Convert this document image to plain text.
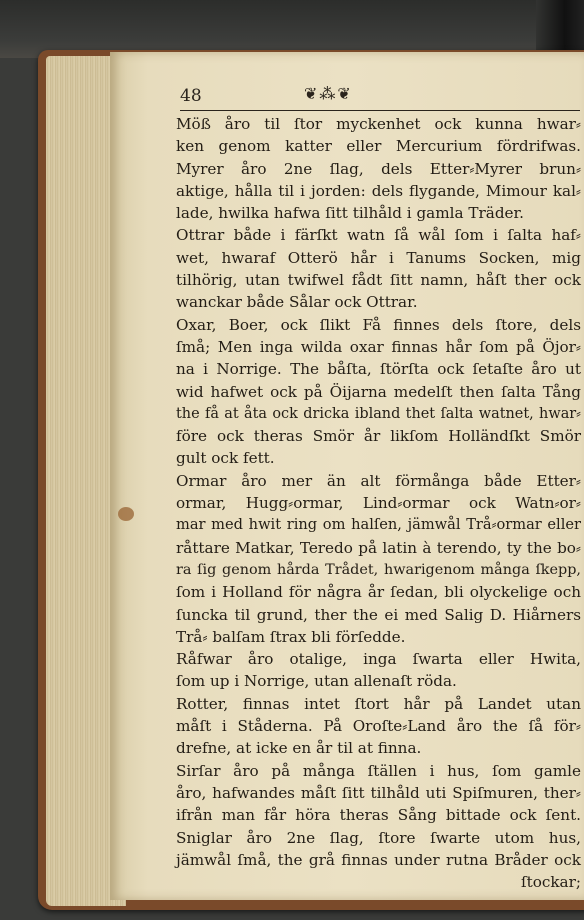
48	❦⁂❦
Möß åro til ſtor myckenhet ock kunna hwar⸗
ken genom katter eller Mercurium fördrifwas.
Myrer åro 2ne ſlag, dels Etter⸗Myrer brun⸗
aktige, hålla til i jorden: dels flygande, Mimour kal⸗
lade, hwilka hafwa ſitt tilhåld i gamla Träder.
Ottrar både i färſkt watn ſå wål ſom i ſalta haf⸗
wet, hwaraf Otterö hår i Tanums Socken, mig
tilhörig, utan twifwel fådt ſitt namn, håſt ther ock
wanckar både Sålar ock Ottrar.
Oxar, Boer, ock ſlikt Få finnes dels ſtore, dels
ſmå; Men inga wilda oxar finnas hår ſom på Öjor⸗
na i Norrige. The båſta, ſtörſta ock ſetaſte åro ut
wid hafwet ock på Öijarna medelſt then ſalta Tång
the få at åta ock dricka ibland thet ſalta watnet, hwar⸗
före ock theras Smör år likſom Holländſkt Smör
gult ock fett.
Ormar åro mer än alt förmånga både Etter⸗
ormar, Hugg⸗ormar, Lind⸗ormar ock Watn⸗or⸗
mar med hwit ring om halſen, jämwål Trå⸗ormar eller
råttare Matkar, Teredo på latin à terendo, ty the bo⸗
ra ſig genom hårda Trådet, hwarigenom många ſkepp,
ſom i Holland för några år ſedan, bli olyckelige och
ſuncka til grund, ther the ei med Salig D. Hiårners
Trå⸗ balſam ſtrax bli förſedde.
Råfwar åro otalige, inga ſwarta eller Hwita,
ſom up i Norrige, utan allenaſt röda.
Rotter, finnas intet ſtort hår på Landet utan
måſt i Ståderna. På Oroſte⸗Land åro the ſå för⸗
drefne, at icke en år til at finna.
Sirſar åro på många ſtällen i hus, ſom gamle
åro, hafwandes måſt ſitt tilhåld uti Spiſmuren, ther⸗
ifrån man får höra theras Sång bittade ock ſent.
Sniglar åro 2ne ſlag, ſtore ſwarte utom hus,
jämwål ſmå, the grå finnas under rutna Bråder ock
ſtockar;
